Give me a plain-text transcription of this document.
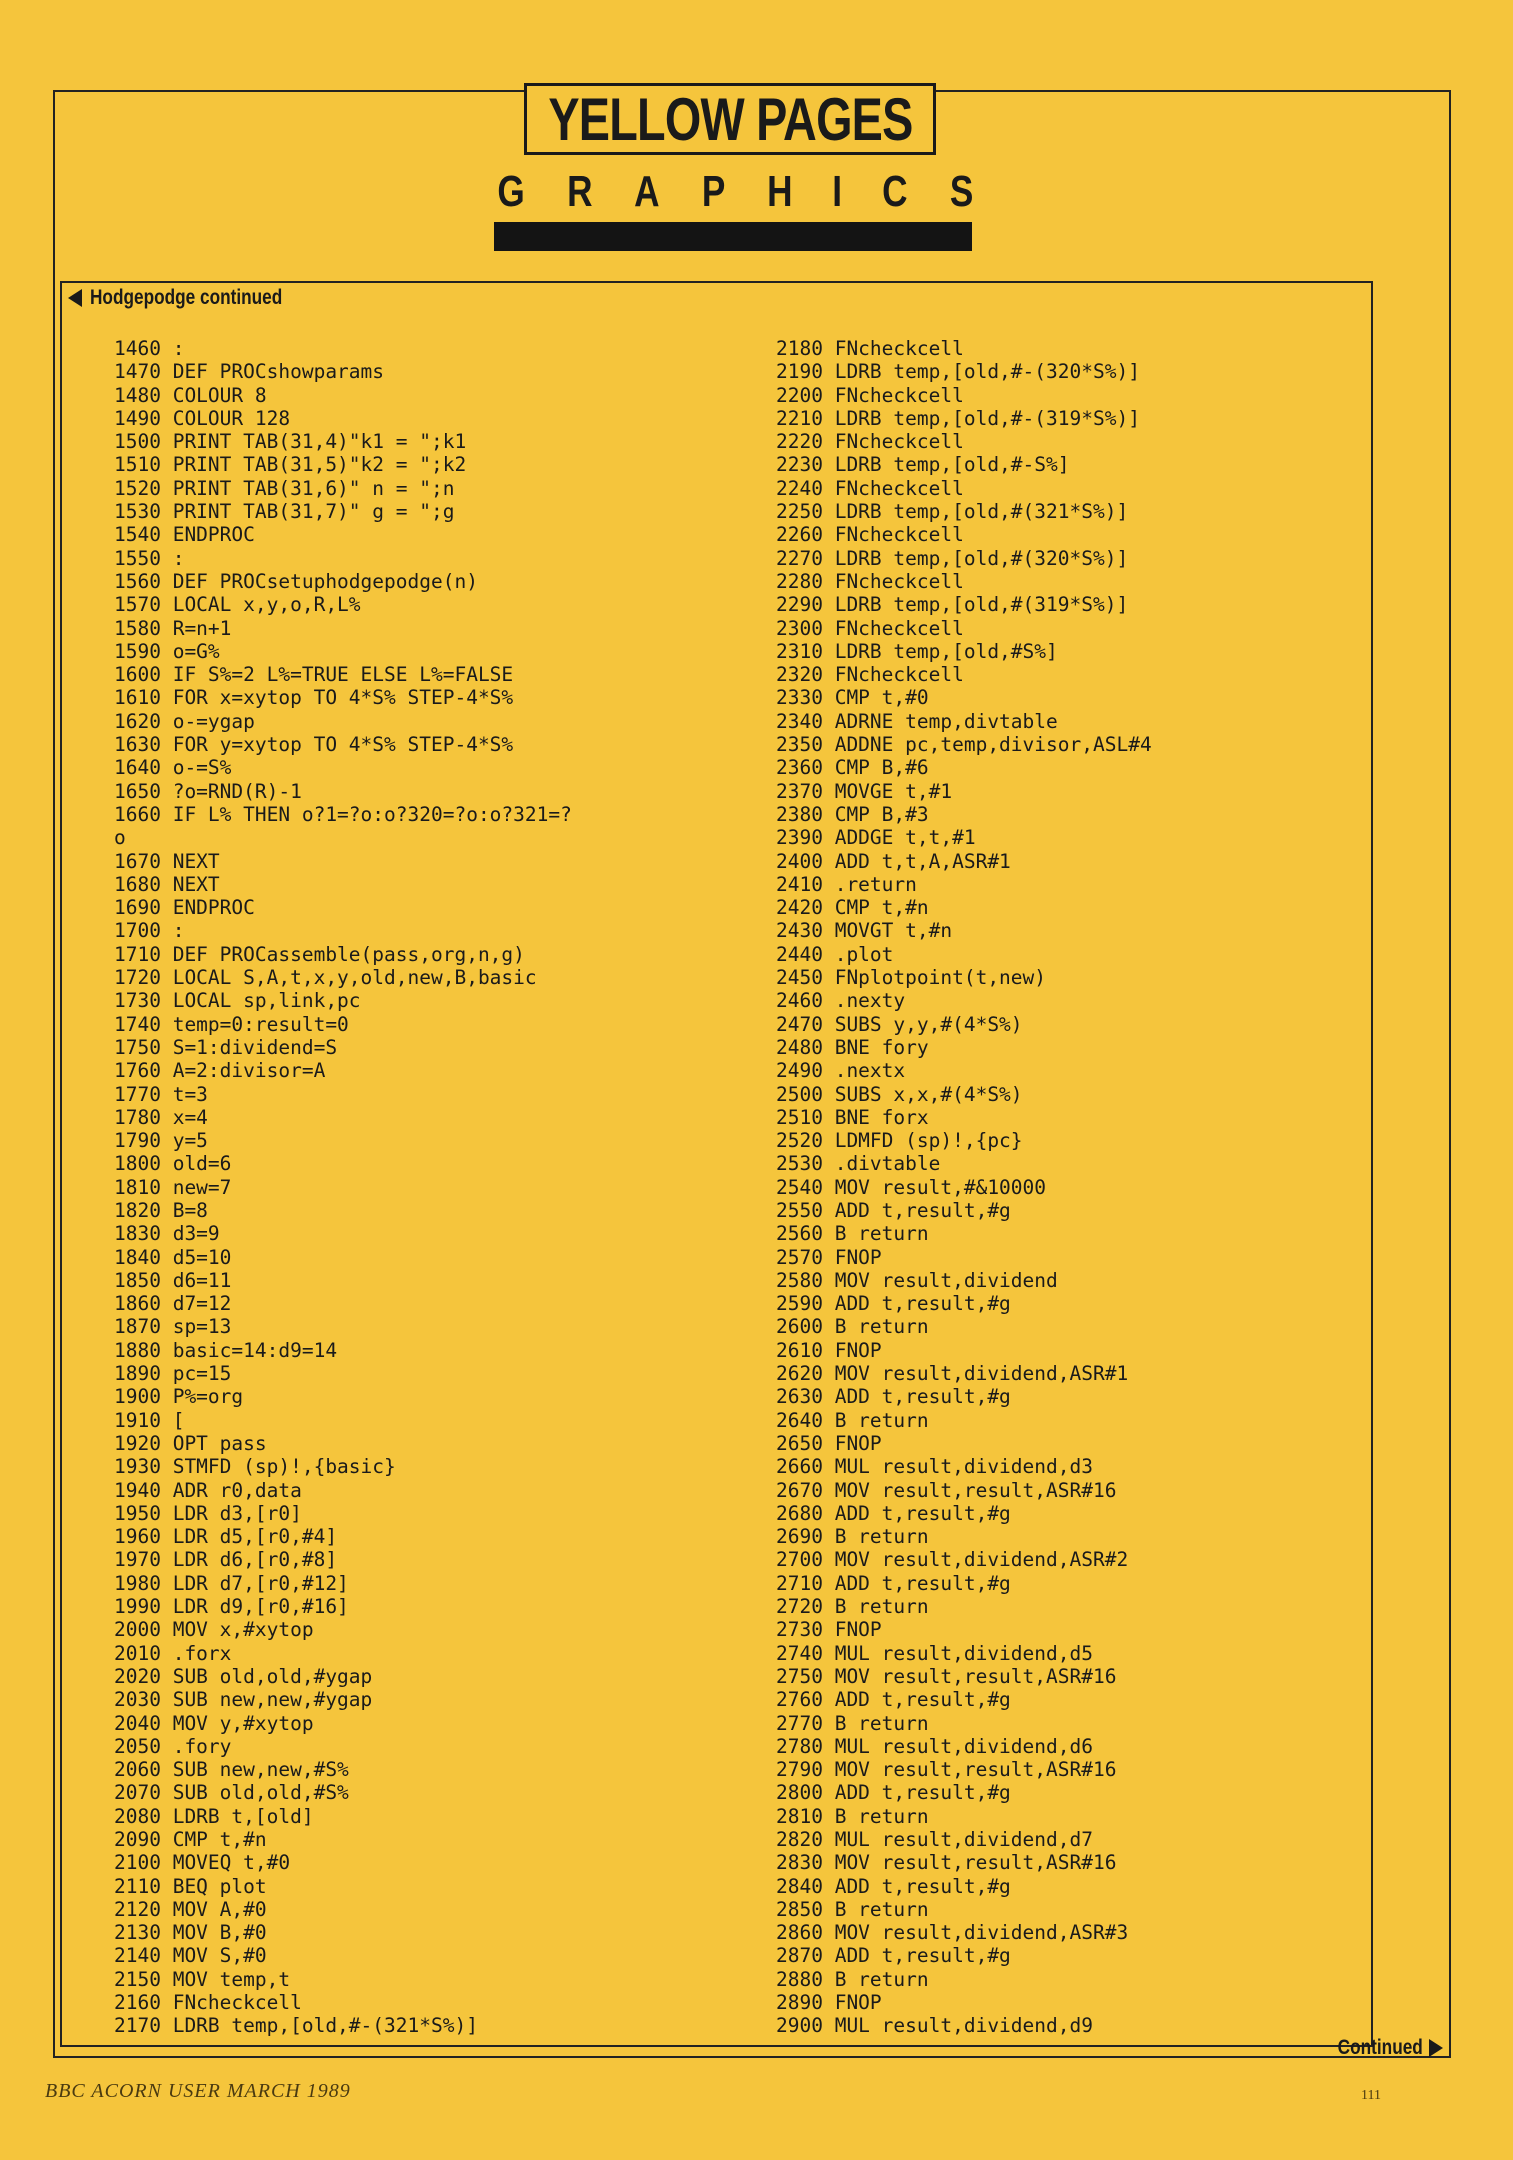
YELLOW PAGES
G R A P H I C S
Hodgepodge continued
1460 :
1470 DEF PROCshowparams
1480 COLOUR 8
1490 COLOUR 128
1500 PRINT TAB(31,4)"k1 = ";k1
1510 PRINT TAB(31,5)"k2 = ";k2
1520 PRINT TAB(31,6)" n = ";n
1530 PRINT TAB(31,7)" g = ";g
1540 ENDPROC
1550 :
1560 DEF PROCsetuphodgepodge(n)
1570 LOCAL x,y,o,R,L%
1580 R=n+1
1590 o=G%
1600 IF S%=2 L%=TRUE ELSE L%=FALSE
1610 FOR x=xytop TO 4*S% STEP-4*S%
1620 o-=ygap
1630 FOR y=xytop TO 4*S% STEP-4*S%
1640 o-=S%
1650 ?o=RND(R)-1
1660 IF L% THEN o?1=?o:o?320=?o:o?321=?
o
1670 NEXT
1680 NEXT
1690 ENDPROC
1700 :
1710 DEF PROCassemble(pass,org,n,g)
1720 LOCAL S,A,t,x,y,old,new,B,basic
1730 LOCAL sp,link,pc
1740 temp=0:result=0
1750 S=1:dividend=S
1760 A=2:divisor=A
1770 t=3
1780 x=4
1790 y=5
1800 old=6
1810 new=7
1820 B=8
1830 d3=9
1840 d5=10
1850 d6=11
1860 d7=12
1870 sp=13
1880 basic=14:d9=14
1890 pc=15
1900 P%=org
1910 [
1920 OPT pass
1930 STMFD (sp)!,{basic}
1940 ADR r0,data
1950 LDR d3,[r0]
1960 LDR d5,[r0,#4]
1970 LDR d6,[r0,#8]
1980 LDR d7,[r0,#12]
1990 LDR d9,[r0,#16]
2000 MOV x,#xytop
2010 .forx
2020 SUB old,old,#ygap
2030 SUB new,new,#ygap
2040 MOV y,#xytop
2050 .fory
2060 SUB new,new,#S%
2070 SUB old,old,#S%
2080 LDRB t,[old]
2090 CMP t,#n
2100 MOVEQ t,#0
2110 BEQ plot
2120 MOV A,#0
2130 MOV B,#0
2140 MOV S,#0
2150 MOV temp,t
2160 FNcheckcell
2170 LDRB temp,[old,#-(321*S%)]
2180 FNcheckcell
2190 LDRB temp,[old,#-(320*S%)]
2200 FNcheckcell
2210 LDRB temp,[old,#-(319*S%)]
2220 FNcheckcell
2230 LDRB temp,[old,#-S%]
2240 FNcheckcell
2250 LDRB temp,[old,#(321*S%)]
2260 FNcheckcell
2270 LDRB temp,[old,#(320*S%)]
2280 FNcheckcell
2290 LDRB temp,[old,#(319*S%)]
2300 FNcheckcell
2310 LDRB temp,[old,#S%]
2320 FNcheckcell
2330 CMP t,#0
2340 ADRNE temp,divtable
2350 ADDNE pc,temp,divisor,ASL#4
2360 CMP B,#6
2370 MOVGE t,#1
2380 CMP B,#3
2390 ADDGE t,t,#1
2400 ADD t,t,A,ASR#1
2410 .return
2420 CMP t,#n
2430 MOVGT t,#n
2440 .plot
2450 FNplotpoint(t,new)
2460 .nexty
2470 SUBS y,y,#(4*S%)
2480 BNE fory
2490 .nextx
2500 SUBS x,x,#(4*S%)
2510 BNE forx
2520 LDMFD (sp)!,{pc}
2530 .divtable
2540 MOV result,#&10000
2550 ADD t,result,#g
2560 B return
2570 FNOP
2580 MOV result,dividend
2590 ADD t,result,#g
2600 B return
2610 FNOP
2620 MOV result,dividend,ASR#1
2630 ADD t,result,#g
2640 B return
2650 FNOP
2660 MUL result,dividend,d3
2670 MOV result,result,ASR#16
2680 ADD t,result,#g
2690 B return
2700 MOV result,dividend,ASR#2
2710 ADD t,result,#g
2720 B return
2730 FNOP
2740 MUL result,dividend,d5
2750 MOV result,result,ASR#16
2760 ADD t,result,#g
2770 B return
2780 MUL result,dividend,d6
2790 MOV result,result,ASR#16
2800 ADD t,result,#g
2810 B return
2820 MUL result,dividend,d7
2830 MOV result,result,ASR#16
2840 ADD t,result,#g
2850 B return
2860 MOV result,dividend,ASR#3
2870 ADD t,result,#g
2880 B return
2890 FNOP
2900 MUL result,dividend,d9
Continued
BBC ACORN USER MARCH 1989	111
